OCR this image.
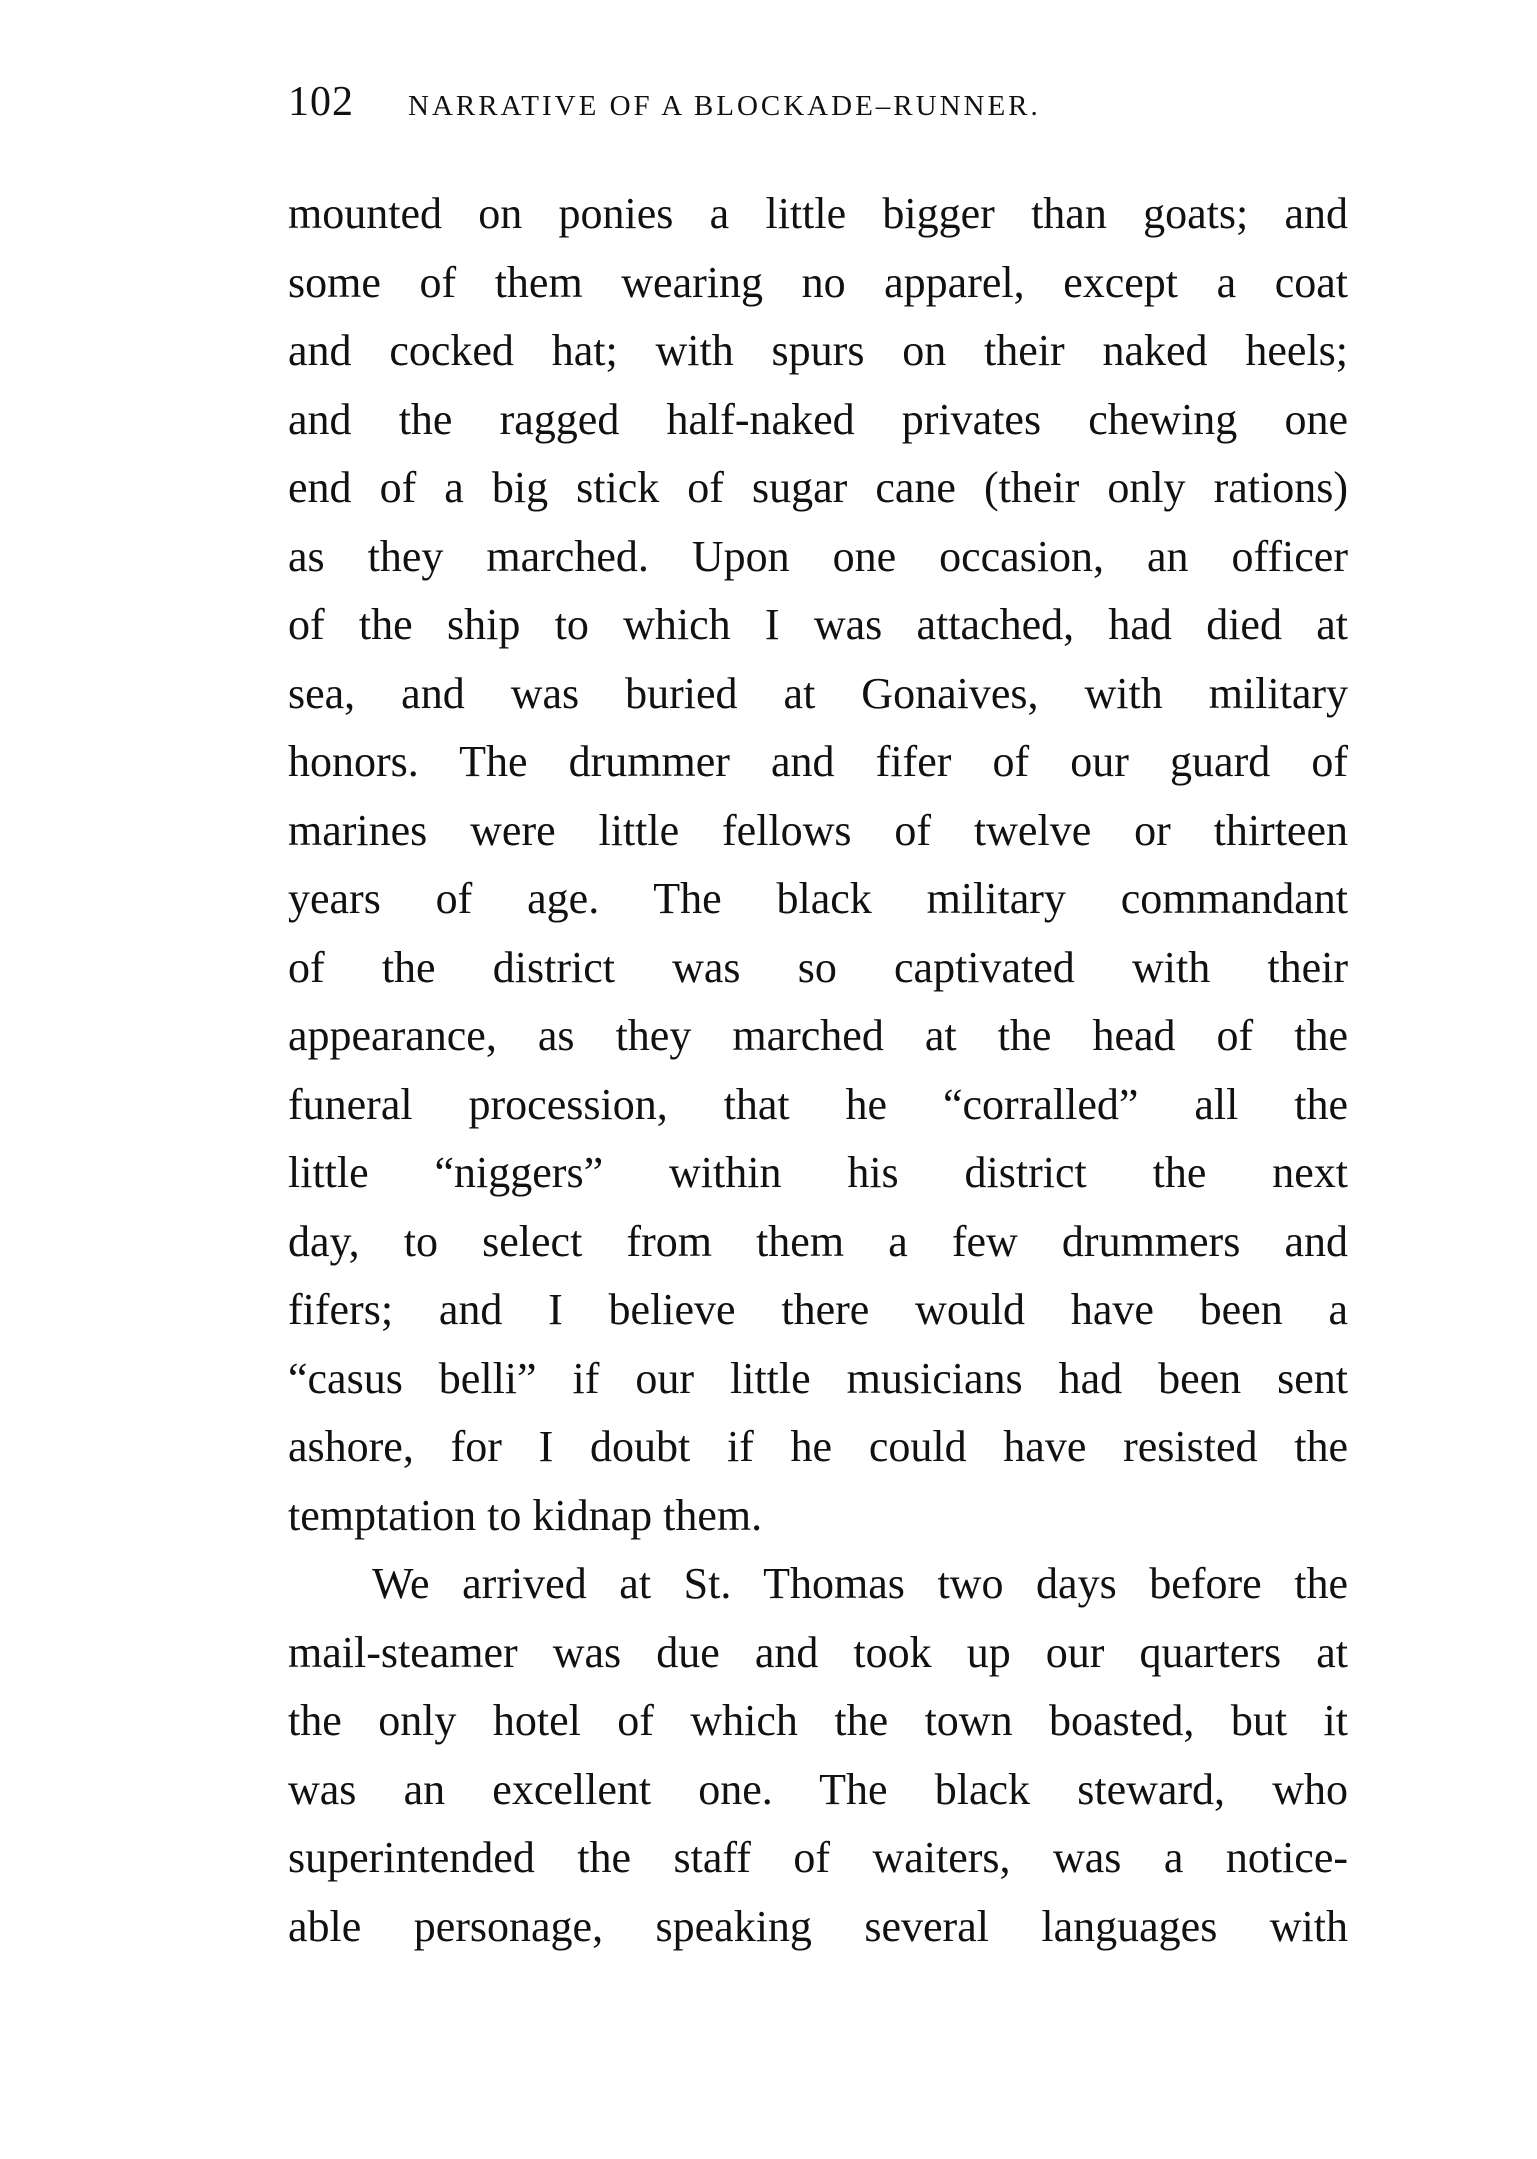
102 NARRATIVE OF A BLOCKADE–RUNNER.
mounted on ponies a little bigger than goats; and
some of them wearing no apparel, except a coat
and cocked hat; with spurs on their naked heels;
and the ragged half-naked privates chewing one
end of a big stick of sugar cane (their only rations)
as they marched. Upon one occasion, an officer
of the ship to which I was attached, had died at
sea, and was buried at Gonaives, with military
honors. The drummer and fifer of our guard of
marines were little fellows of twelve or thirteen
years of age. The black military commandant
of the district was so captivated with their
appearance, as they marched at the head of the
funeral procession, that he “corralled” all the
little “niggers” within his district the next
day, to select from them a few drummers and
fifers; and I believe there would have been a
“casus belli” if our little musicians had been sent
ashore, for I doubt if he could have resisted the
temptation to kidnap them.
We arrived at St. Thomas two days before the
mail-steamer was due and took up our quarters at
the only hotel of which the town boasted, but it
was an excellent one. The black steward, who
superintended the staff of waiters, was a notice-
able personage, speaking several languages with
